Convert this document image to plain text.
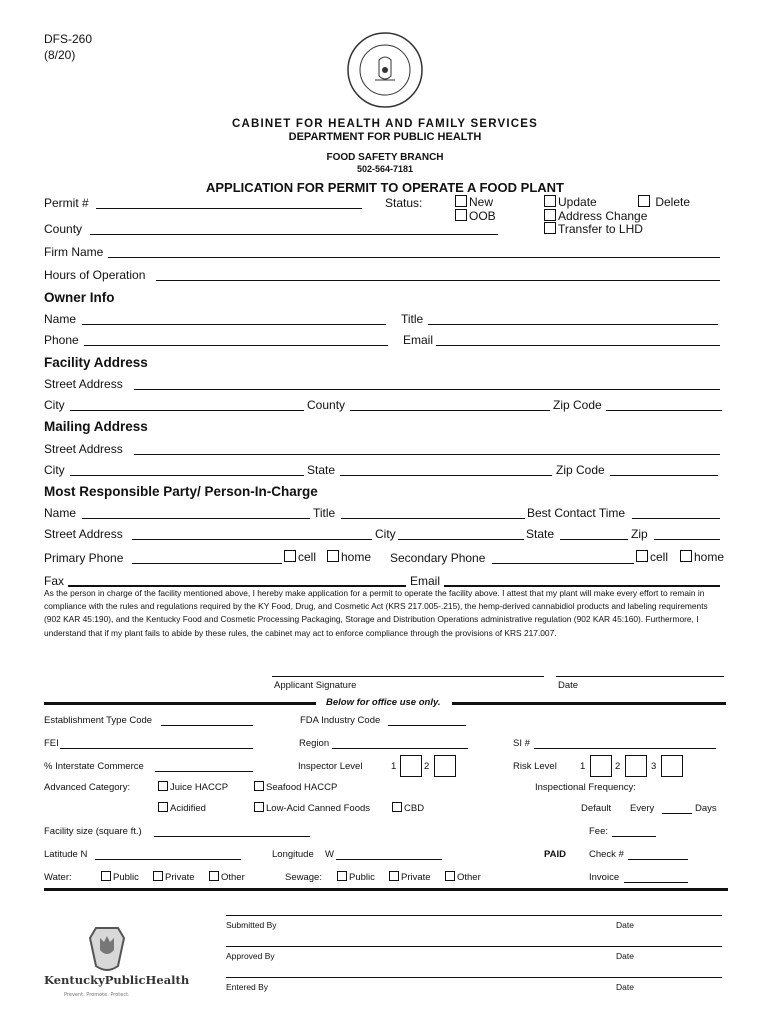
DFS-260
(8/20)
CABINET FOR HEALTH AND FAMILY SERVICES
DEPARTMENT FOR PUBLIC HEALTH
FOOD SAFETY BRANCH
502-564-7181
APPLICATION FOR PERMIT TO OPERATE A FOOD PLANT
Permit #	Status:	New
OOB
Update	Delete
Address Change
Transfer to LHD
County
Firm Name
Hours of Operation
Owner Info
Name	Title
Phone	Email
Facility Address
Street Address
City	County	Zip Code
Mailing Address
Street Address
City	State	Zip Code
Most Responsible Party/ Person-In-Charge
Name	Title	Best Contact Time
Street Address	City	State	Zip
Primary Phone	cell	home Secondary Phone	cell	home
Fax	Email
As the person in charge of the facility mentioned above, I hereby make application for a permit to operate the facility above. I attest that my plant will make every effort to remain in compliance with the rules and regulations required by the KY Food, Drug, and Cosmetic Act (KRS 217.005-.215), the hemp-derived cannabidiol products and labeling requirements (902 KAR 45:190), and the Kentucky Food and Cosmetic Processing Packaging, Storage and Distribution Operations administrative regulation (902 KAR 45:160). Furthermore, I understand that if my plant fails to abide by these rules, the cabinet may act to enforce compliance through the provisions of KRS 217.007.
Applicant Signature	Date
Below for office use only.
Establishment Type Code	FDA Industry Code
FEI	Region	SI #
% Interstate Commerce	Inspector Level	1	2	Risk Level 1	2	3
Advanced Category:	Juice HACCP	Seafood HACCP	Inspectional Frequency:
Acidified	Low-Acid Canned Foods	CBD	Default Every	Days
Facility size (square ft.)	Fee:
Latitude N	Longitude W	PAID Check #
Water:	Public	Private	Other	Sewage:	Public	Private	Other	Invoice
KentuckyPublicHealth
Prevent. Promote. Protect.
Submitted By	Date
Approved By	Date
Entered By	Date
